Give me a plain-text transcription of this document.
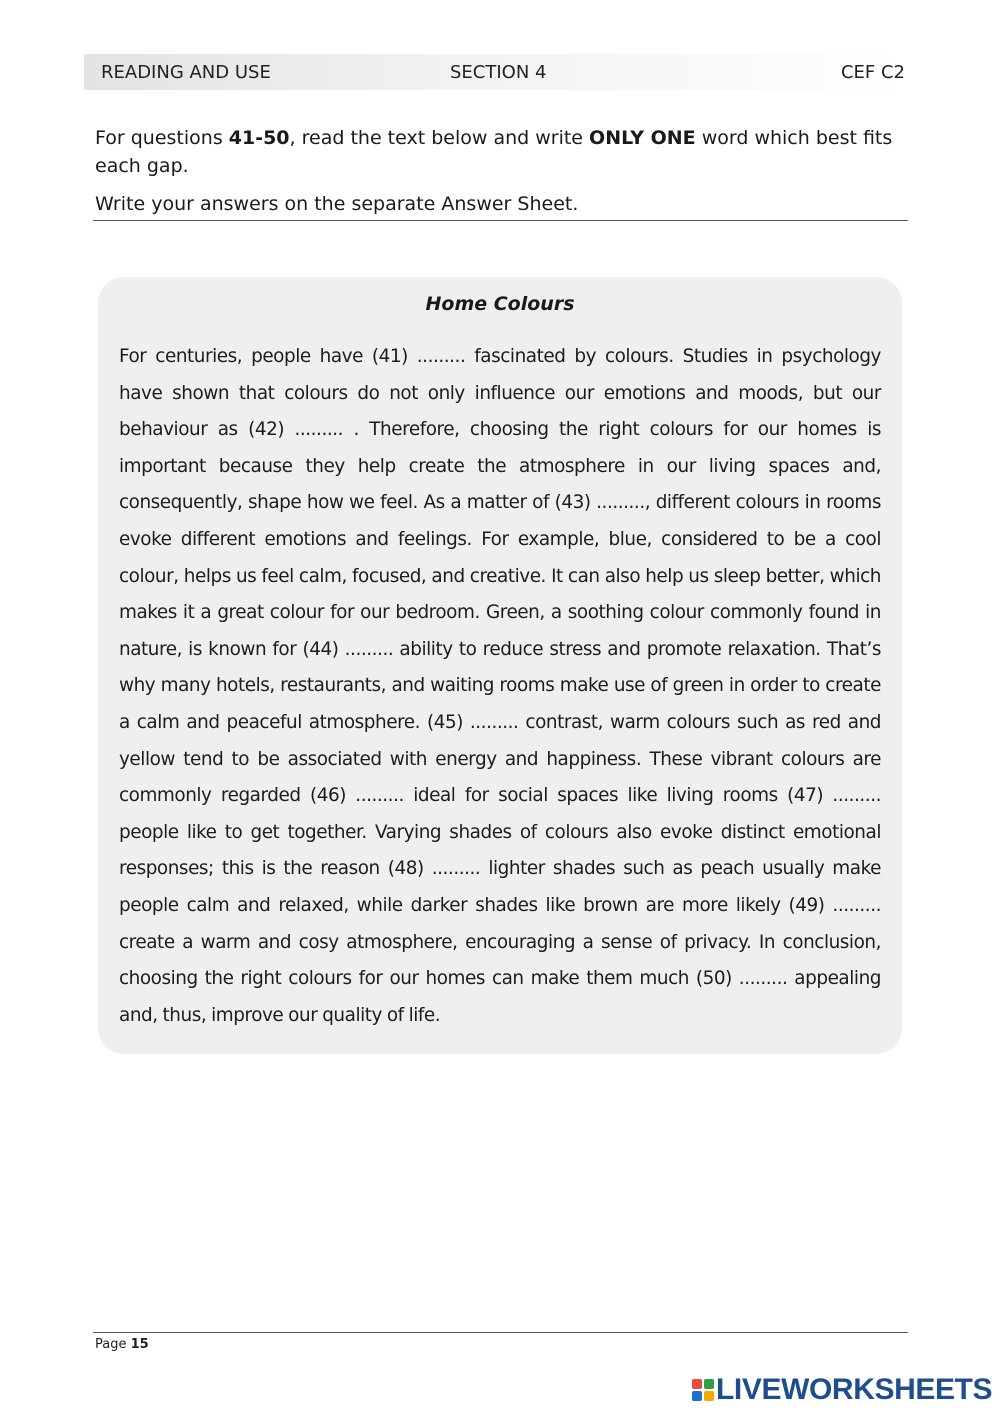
READING AND USE	SECTION 4	CEF C2

For questions 41-50, read the text below and write ONLY ONE word which best fits each gap.

Write your answers on the separate Answer Sheet.

Home Colours

For centuries, people have (41) ......... fascinated by colours. Studies in psychology have shown that colours do not only influence our emotions and moods, but our behaviour as (42) ......... . Therefore, choosing the right colours for our homes is important because they help create the atmosphere in our living spaces and, consequently, shape how we feel. As a matter of (43) ........., different colours in rooms evoke different emotions and feelings. For example, blue, considered to be a cool colour, helps us feel calm, focused, and creative. It can also help us sleep better, which makes it a great colour for our bedroom. Green, a soothing colour commonly found in nature, is known for (44) ......... ability to reduce stress and promote relaxation. That’s why many hotels, restaurants, and waiting rooms make use of green in order to create a calm and peaceful atmosphere. (45) ......... contrast, warm colours such as red and yellow tend to be associated with energy and happiness. These vibrant colours are commonly regarded (46) ......... ideal for social spaces like living rooms (47) ......... people like to get together. Varying shades of colours also evoke distinct emotional responses; this is the reason (48) ......... lighter shades such as peach usually make people calm and relaxed, while darker shades like brown are more likely (49) ......... create a warm and cosy atmosphere, encouraging a sense of privacy. In conclusion, choosing the right colours for our homes can make them much (50) ......... appealing and, thus, improve our quality of life.

Page 15
LIVEWORKSHEETS
